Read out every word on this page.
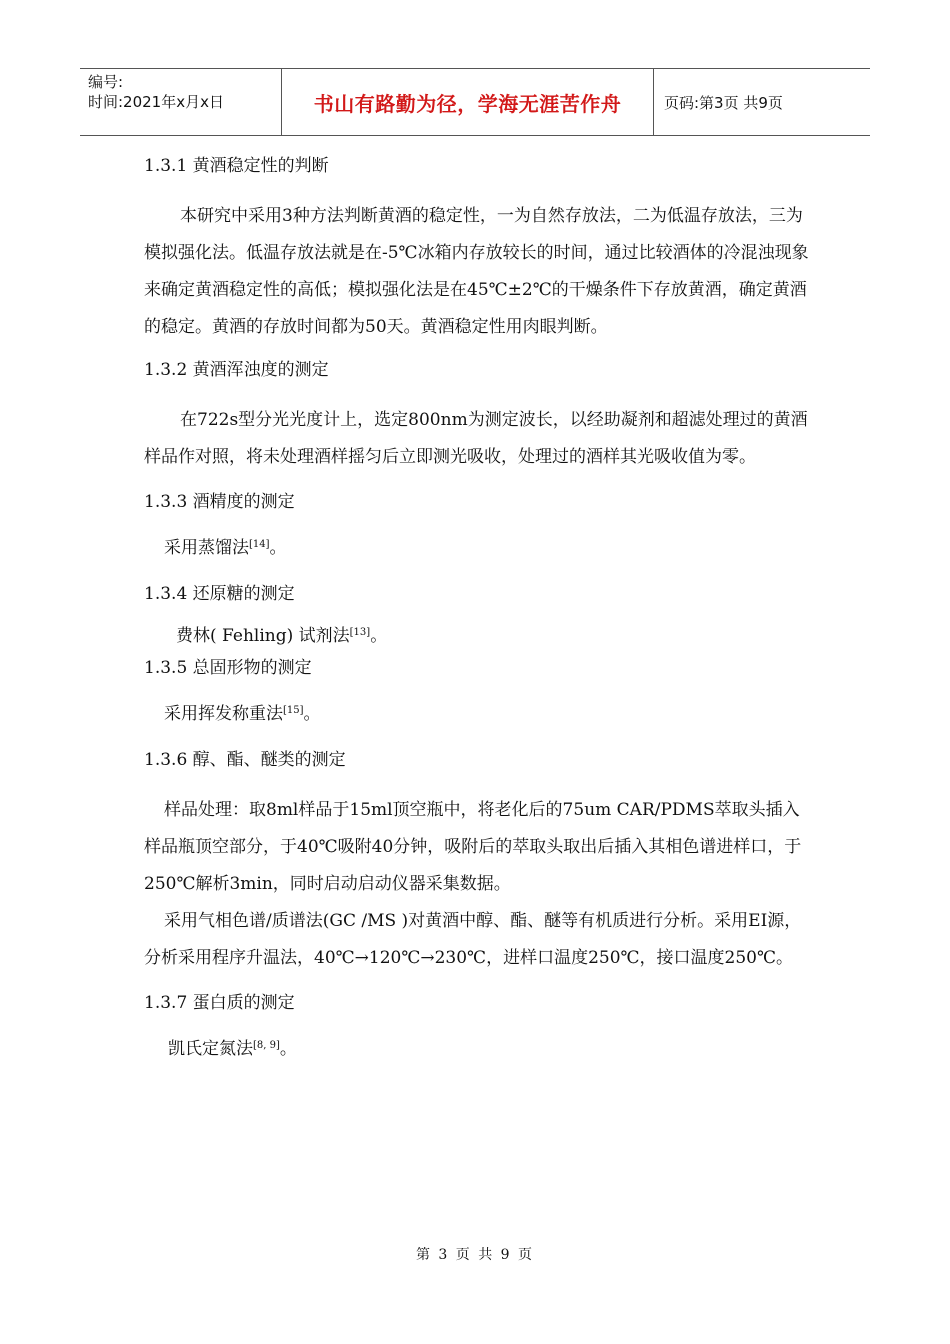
编号:
时间:2021年x月x日	书山有路勤为径，学海无涯苦作舟	页码:第3页 共9页

1.3.1 黄酒稳定性的判断

本研究中采用3种方法判断黄酒的稳定性，一为自然存放法，二为低温存放法，三为模拟强化法。低温存放法就是在-5℃冰箱内存放较长的时间，通过比较酒体的冷混浊现象来确定黄酒稳定性的高低；模拟强化法是在45℃±2℃的干燥条件下存放黄酒，确定黄酒的稳定。黄酒的存放时间都为50天。黄酒稳定性用肉眼判断。

1.3.2 黄酒浑浊度的测定

在722s型分光光度计上，选定800nm为测定波长，以经助凝剂和超滤处理过的黄酒样品作对照，将未处理酒样摇匀后立即测光吸收，处理过的酒样其光吸收值为零。

1.3.3 酒精度的测定

采用蒸馏法[14]。

1.3.4 还原糖的测定

费林( Fehling) 试剂法[13]。

1.3.5 总固形物的测定

采用挥发称重法[15]。

1.3.6 醇、酯、醚类的测定

样品处理：取8ml样品于15ml顶空瓶中，将老化后的75um CAR/PDMS萃取头插入样品瓶顶空部分，于40℃吸附40分钟，吸附后的萃取头取出后插入其相色谱进样口，于250℃解析3min，同时启动启动仪器采集数据。

采用气相色谱/质谱法(GC /MS )对黄酒中醇、酯、醚等有机质进行分析。采用EI源，分析采用程序升温法，40℃→120℃→230℃，进样口温度250℃，接口温度250℃。

1.3.7 蛋白质的测定

凯氏定氮法[8, 9]。

第 3 页 共 9 页
